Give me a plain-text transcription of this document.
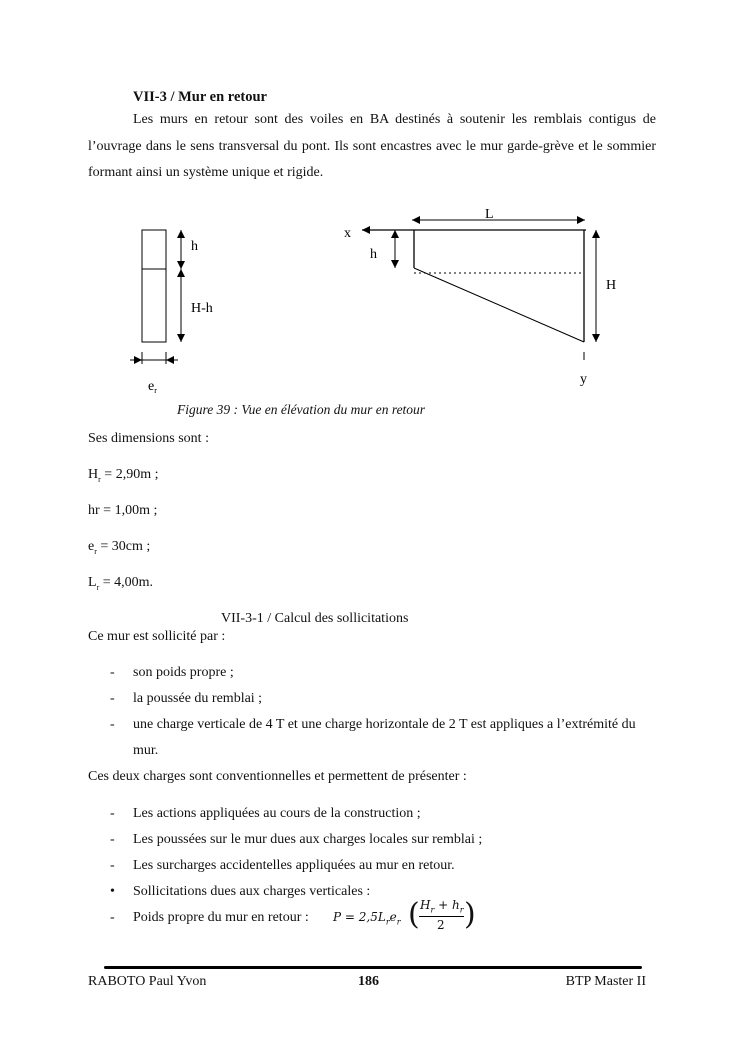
VII-3 / Mur en retour
Les murs en retour sont des voiles en BA destinés à soutenir les remblais contigus de l’ouvrage dans le sens transversal du pont. Ils sont encastres avec le mur garde-grève et le sommier formant ainsi un système unique et rigide.
h
H-h
$e_r$
x
L
h
H
y
Figure 39 : Vue en élévation du mur en retour
Ses dimensions sont :
$H_r = 2,90m$ ;
hr = 1,00m ;
$e_r = 30cm$ ;
$L_r = 4,00m$.
VII-3-1 / Calcul des sollicitations
Ce mur est sollicité par :
- son poids propre ;
- la poussée du remblai ;
- une charge verticale de 4 T et une charge horizontale de 2 T est appliques a l’extrémité du mur.
Ces deux charges sont conventionnelles et permettent de présenter :
- Les actions appliquées au cours de la construction ;
- Les poussées sur le mur dues aux charges locales sur remblai ;
- Les surcharges accidentelles appliquées au mur en retour.
• Sollicitations dues aux charges verticales :
- Poids propre du mur en retour :	$P = 2,5L_re_r$ ( $H_r + h_r$
2 )
RABOTO Paul Yvon	186	BTP Master II
